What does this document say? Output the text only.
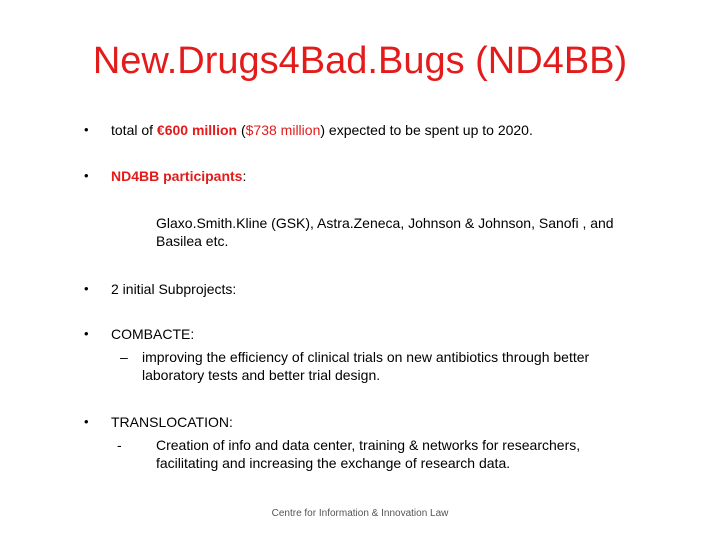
New.Drugs4Bad.Bugs (ND4BB)
• total of €600 million ($738 million) expected to be spent up to 2020.
• ND4BB participants:
Glaxo.Smith.Kline (GSK), Astra.Zeneca, Johnson & Johnson, Sanofi , and Basilea etc.
• 2 initial Subprojects:
• COMBACTE:
– improving the efficiency of clinical trials on new antibiotics through better laboratory tests and better trial design.
• TRANSLOCATION:
- Creation of info and data center, training & networks for researchers, facilitating and increasing the exchange of research data.
Centre for Information & Innovation Law
